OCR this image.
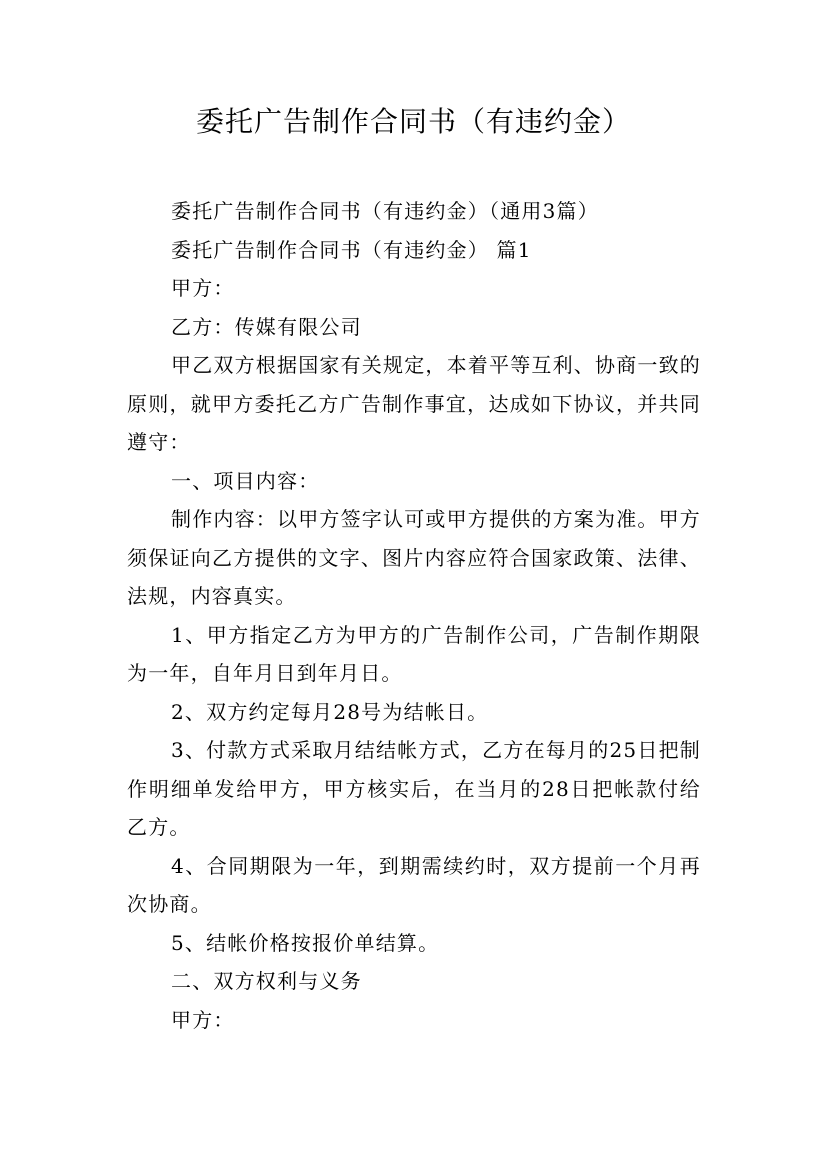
委托广告制作合同书（有违约金）

委托广告制作合同书（有违约金）（通用3篇）

委托广告制作合同书（有违约金） 篇1

甲方：

乙方：传媒有限公司

甲乙双方根据国家有关规定，本着平等互利、协商一致的原则，就甲方委托乙方广告制作事宜，达成如下协议，并共同遵守：

一、项目内容：

制作内容：以甲方签字认可或甲方提供的方案为准。甲方须保证向乙方提供的文字、图片内容应符合国家政策、法律、法规，内容真实。

1、甲方指定乙方为甲方的广告制作公司，广告制作期限为一年，自年月日到年月日。

2、双方约定每月28号为结帐日。

3、付款方式采取月结结帐方式，乙方在每月的25日把制作明细单发给甲方，甲方核实后，在当月的28日把帐款付给乙方。

4、合同期限为一年，到期需续约时，双方提前一个月再次协商。

5、结帐价格按报价单结算。

二、双方权利与义务

甲方：
